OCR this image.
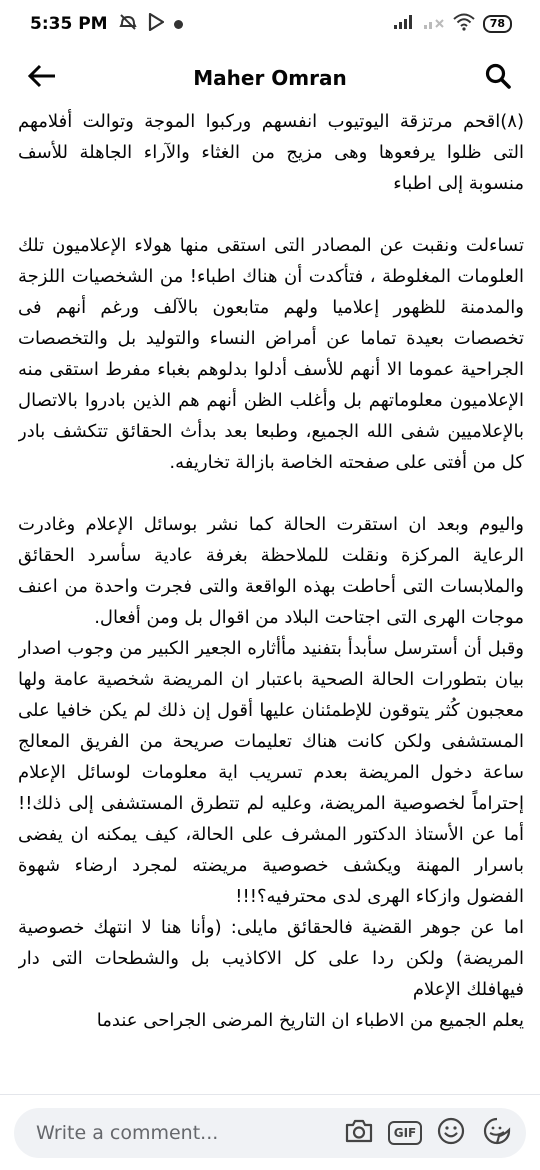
5:35 PM	78
Maher Omran

(٨)اقحم مرتزقة اليوتيوب انفسهم وركبوا الموجة وتوالت أفلامهم التى ظلوا يرفعوها وهى مزيج من الغثاء والآراء الجاهلة للأسف منسوبة إلى اطباء

تساءلت ونقبت عن المصادر التى استقى منها هولاء الإعلاميون تلك العلومات المغلوطة ، فتأكدت أن هناك اطباء! من الشخصيات اللزجة والمدمنة للظهور إعلاميا ولهم متابعون بالآلف ورغم أنهم فى تخصصات بعيدة تماما عن أمراض النساء والتوليد بل والتخصصات الجراحية عموما الا أنهم للأسف أدلوا بدلوهم بغباء مفرط استقى منه الإعلاميون معلوماتهم بل وأغلب الظن أنهم هم الذين بادروا بالاتصال بالإعلاميين شفى الله الجميع، وطبعا بعد بدأث الحقائق تتكشف بادر كل من أفتى على صفحته الخاصة بازالة تخاريفه.

واليوم وبعد ان استقرت الحالة كما نشر بوسائل الإعلام وغادرت الرعاية المركزة ونقلت للملاحظة بغرفة عادية سأسرد الحقائق والملابسات التى أحاطت بهذه الواقعة والتى فجرت واحدة من اعنف موجات الهرى التى اجتاحت البلاد من اقوال بل ومن أفعال.

وقبل أن أسترسل سأبدأ بتفنيد مأأثاره الجعير الكبير من وجوب اصدار بيان بتطورات الحالة الصحية باعتبار ان المريضة شخصية عامة ولها معجبون كُثر يتوقون للإطمئنان عليها أقول إن ذلك لم يكن خافيا على المستشفى ولكن كانت هناك تعليمات صريحة من الفريق المعالج ساعة دخول المريضة بعدم تسريب اية معلومات لوسائل الإعلام إحتراماً لخصوصية المريضة، وعليه لم تتطرق المستشفى إلى ذلك!! أما عن الأستاذ الدكتور المشرف على الحالة، كيف يمكنه ان يفضى باسرار المهنة ويكشف خصوصية مريضته لمجرد ارضاء شهوة الفضول وازكاء الهرى لدى محترفيه؟!!!

اما عن جوهر القضية فالحقائق مايلى: (وأنا هنا لا انتهك خصوصية المريضة) ولكن ردا على كل الاكاذيب بل والشطحات التى دار فيهافلك الإعلام

يعلم الجميع من الاطباء ان التاريخ المرضى الجراحى عندما

Write a comment...
GIF
